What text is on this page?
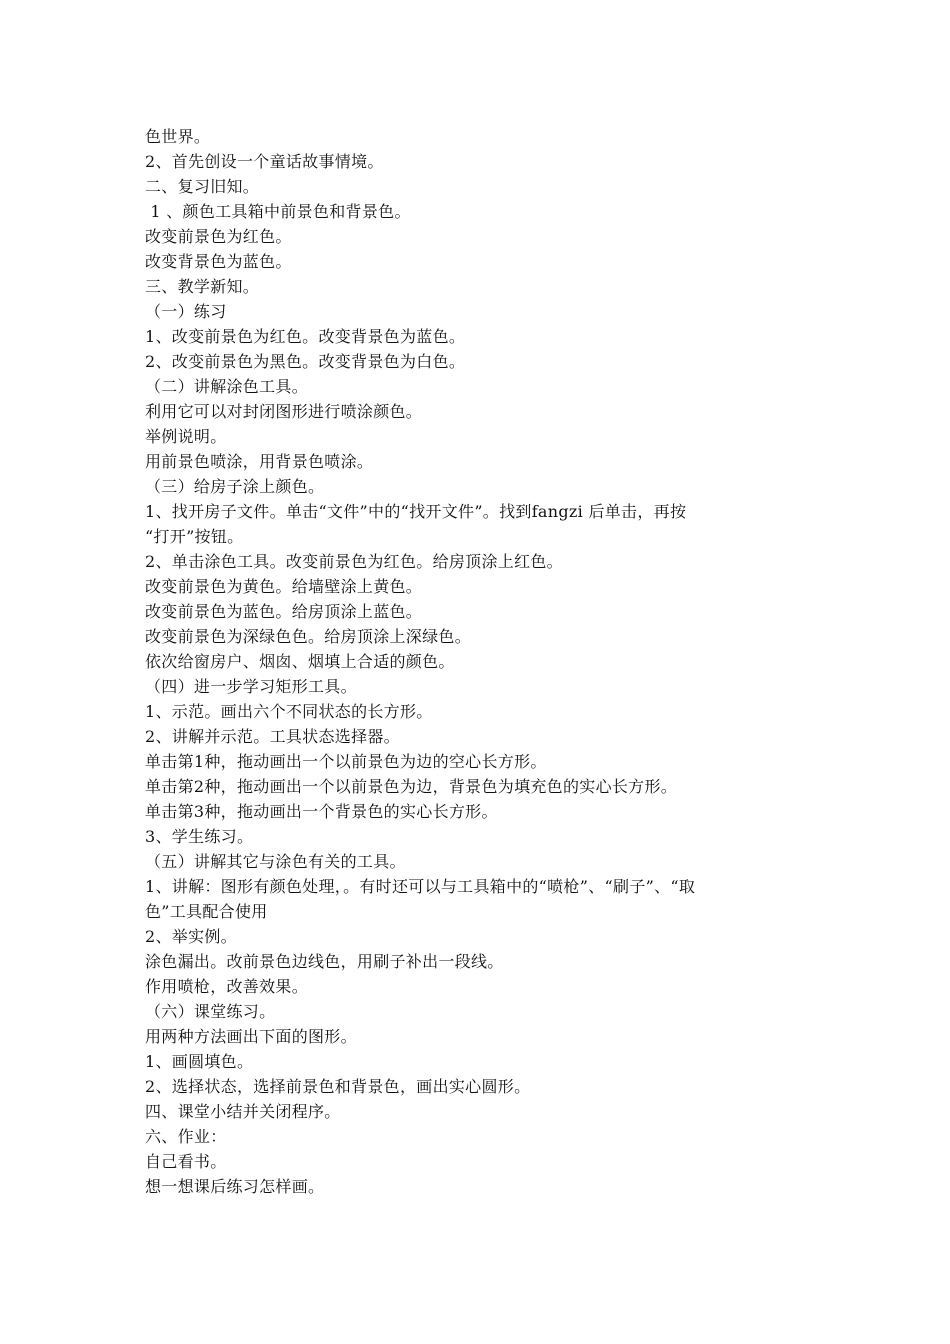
色世界。
2、首先创设一个童话故事情境。
二、复习旧知。
1 、颜色工具箱中前景色和背景色。
改变前景色为红色。
改变背景色为蓝色。
三、教学新知。
（一）练习
1、改变前景色为红色。改变背景色为蓝色。
2、改变前景色为黑色。改变背景色为白色。
（二）讲解涂色工具。
利用它可以对封闭图形进行喷涂颜色。
举例说明。
用前景色喷涂，用背景色喷涂。
（三）给房子涂上颜色。
1、找开房子文件。单击“文件”中的“找开文件”。找到fangzi 后单击，再按
“打开”按钮。
2、单击涂色工具。改变前景色为红色。给房顶涂上红色。
改变前景色为黄色。给墙壁涂上黄色。
改变前景色为蓝色。给房顶涂上蓝色。
改变前景色为深绿色色。给房顶涂上深绿色。
依次给窗房户、烟囱、烟填上合适的颜色。
（四）进一步学习矩形工具。
1、示范。画出六个不同状态的长方形。
2、讲解并示范。工具状态选择器。
单击第1种，拖动画出一个以前景色为边的空心长方形。
单击第2种，拖动画出一个以前景色为边，背景色为填充色的实心长方形。
单击第3种，拖动画出一个背景色的实心长方形。
3、学生练习。
（五）讲解其它与涂色有关的工具。
1、讲解：图形有颜色处理，。有时还可以与工具箱中的“喷枪”、“刷子”、“取
色”工具配合使用
2、举实例。
涂色漏出。改前景色边线色，用刷子补出一段线。
作用喷枪，改善效果。
（六）课堂练习。
用两种方法画出下面的图形。
1、画圆填色。
2、选择状态，选择前景色和背景色，画出实心圆形。
四、课堂小结并关闭程序。
六、作业：
自己看书。
想一想课后练习怎样画。
